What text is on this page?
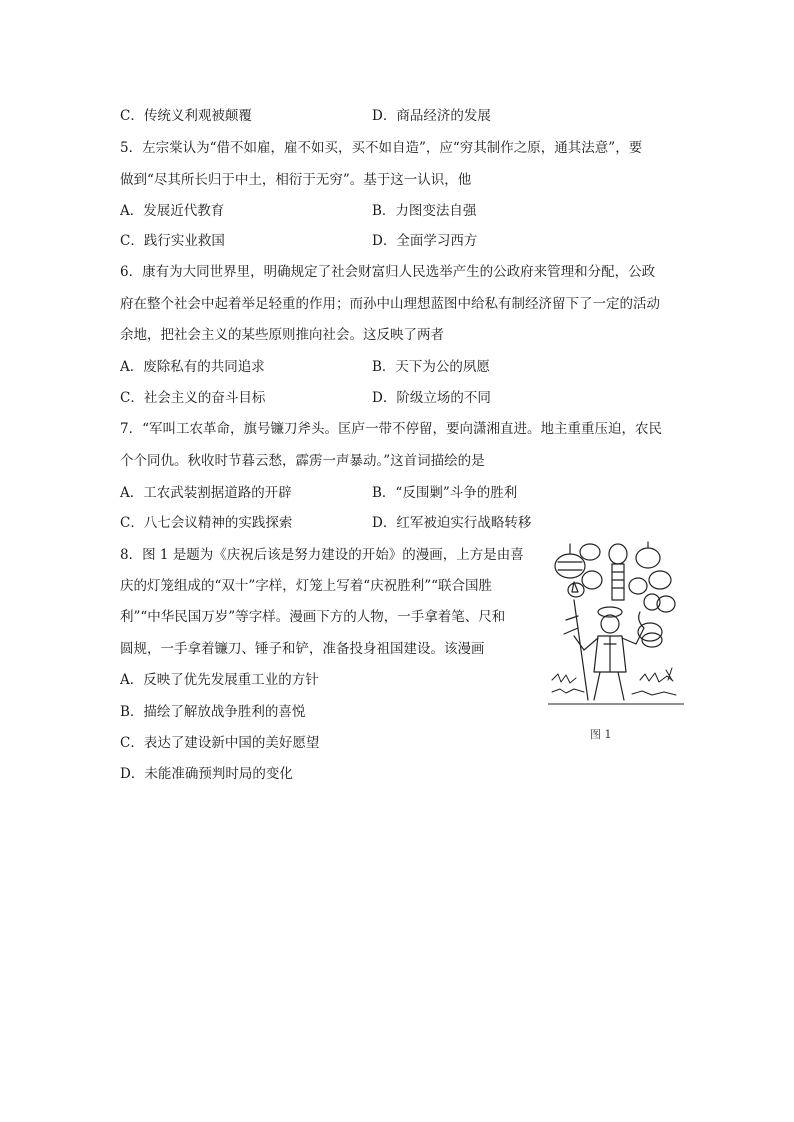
C．传统义利观被颠覆	D．商品经济的发展
5．左宗棠认为“借不如雇，雇不如买，买不如自造”，应“穷其制作之原，通其法意”，要
做到“尽其所长归于中土，相衍于无穷”。基于这一认识，他
A．发展近代教育	B．力图变法自强
C．践行实业救国	D．全面学习西方
6．康有为大同世界里，明确规定了社会财富归人民选举产生的公政府来管理和分配，公政
府在整个社会中起着举足轻重的作用；而孙中山理想蓝图中给私有制经济留下了一定的活动
余地，把社会主义的某些原则推向社会。这反映了两者
A．废除私有的共同追求	B．天下为公的夙愿
C．社会主义的奋斗目标	D．阶级立场的不同
7．“军叫工农革命，旗号镰刀斧头。匡庐一带不停留，要向潇湘直进。地主重重压迫，农民
个个同仇。秋收时节暮云愁，霹雳一声暴动。”这首词描绘的是
A．工农武装割据道路的开辟	B．“反围剿”斗争的胜利
C．八七会议精神的实践探索	D．红军被迫实行战略转移
8．图 1 是题为《庆祝后该是努力建设的开始》的漫画，上方是由喜
庆的灯笼组成的“双十”字样，灯笼上写着“庆祝胜利”“联合国胜
利”“中华民国万岁”等字样。漫画下方的人物，一手拿着笔、尺和
圆规，一手拿着镰刀、锤子和铲，准备投身祖国建设。该漫画
A．反映了优先发展重工业的方针
B．描绘了解放战争胜利的喜悦
C．表达了建设新中国的美好愿望
D．未能准确预判时局的变化
图 1
